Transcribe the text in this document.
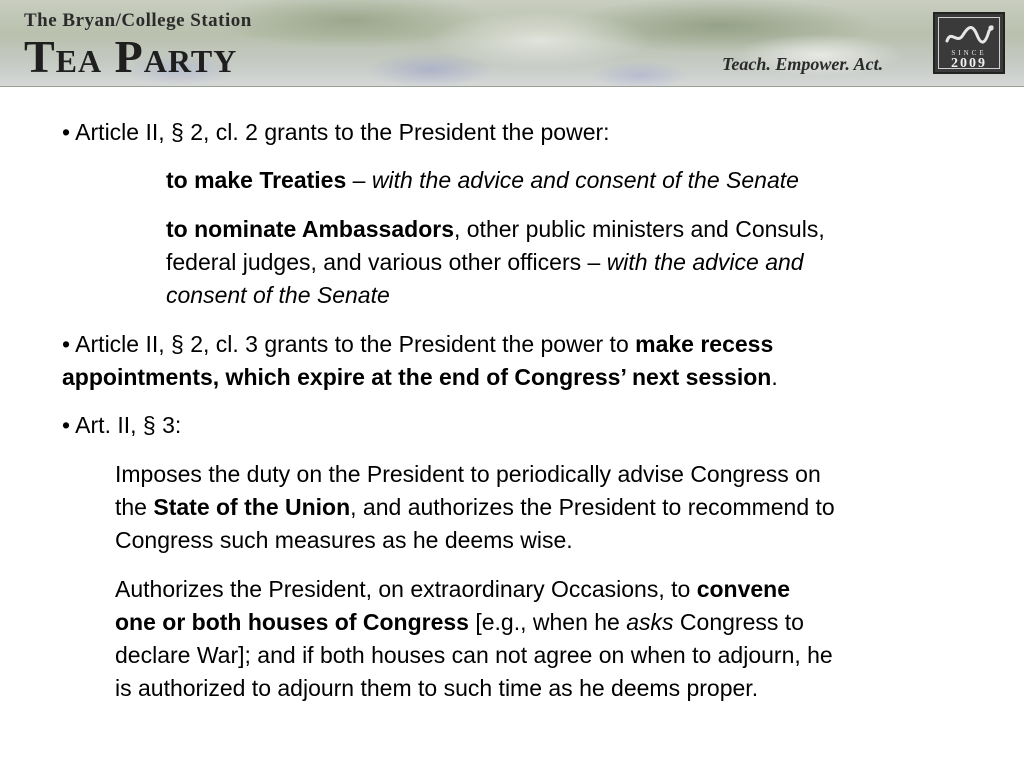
The Bryan/College Station
Tea Party	Teach. Empower. Act.
SINCE
2009
• Article II, § 2, cl. 2 grants to the President the power:
to make Treaties – with the advice and consent of the Senate
to nominate Ambassadors, other public ministers and Consuls,
federal judges, and various other officers – with the advice and
consent of the Senate
• Article II, § 2, cl. 3 grants to the President the power to make recess
appointments, which expire at the end of Congress’ next session.
• Art. II, § 3:
Imposes the duty on the President to periodically advise Congress on
the State of the Union, and authorizes the President to recommend to
Congress such measures as he deems wise.
Authorizes the President, on extraordinary Occasions, to convene
one or both houses of Congress [e.g., when he asks Congress to
declare War]; and if both houses can not agree on when to adjourn, he
is authorized to adjourn them to such time as he deems proper.
